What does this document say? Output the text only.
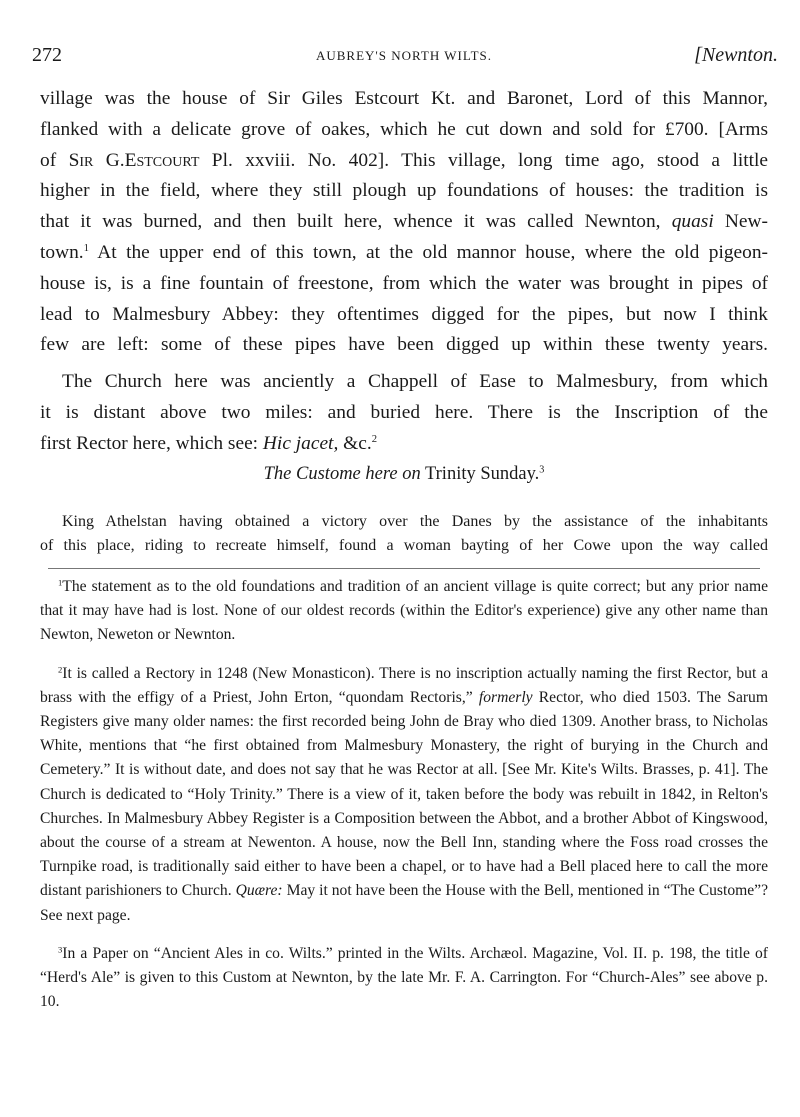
272	AUBREY'S NORTH WILTS.	[Newnton.

village was the house of Sir Giles Estcourt Kt. and Baronet, Lord of this Mannor,

flanked with a delicate grove of oakes, which he cut down and sold for £700. [Arms

of Sir G.Estcourt Pl. xxviii. No. 402]. This village, long time ago, stood a little

higher in the field, where they still plough up foundations of houses: the tradition is

that it was burned, and then built here, whence it was called Newnton, quasi New-

town.$^1$ At the upper end of this town, at the old mannor house, where the old pigeon-

house is, is a fine fountain of freestone, from which the water was brought in pipes of

lead to Malmesbury Abbey: they oftentimes digged for the pipes, but now I think

few are left: some of these pipes have been digged up within these twenty years.

The Church here was anciently a Chappell of Ease to Malmesbury, from which

it is distant above two miles: and buried here. There is the Inscription of the

first Rector here, which see: Hic jacet, &c.$^2$

The Custome here on Trinity Sunday.$^3$

King Athelstan having obtained a victory over the Danes by the assistance of the inhabitants

of this place, riding to recreate himself, found a woman bayting of her Cowe upon the way called

$^1$The statement as to the old foundations and tradition of an ancient village is quite correct; but any prior name that it may have had is lost. None of our oldest records (within the Editor's experience) give any other name than Newton, Neweton or Newnton.

$^2$It is called a Rectory in 1248 (New Monasticon). There is no inscription actually naming the first Rector, but a brass with the effigy of a Priest, John Erton, “quondam Rectoris,” formerly Rector, who died 1503. The Sarum Registers give many older names: the first recorded being John de Bray who died 1309. Another brass, to Nicholas White, mentions that “he first obtained from Malmesbury Monastery, the right of burying in the Church and Cemetery.” It is without date, and does not say that he was Rector at all. [See Mr. Kite's Wilts. Brasses, p. 41]. The Church is dedicated to “Holy Trinity.” There is a view of it, taken before the body was rebuilt in 1842, in Relton's Churches. In Malmesbury Abbey Register is a Composition between the Abbot, and a brother Abbot of Kingswood, about the course of a stream at Newenton. A house, now the Bell Inn, standing where the Foss road crosses the Turnpike road, is traditionally said either to have been a chapel, or to have had a Bell placed here to call the more distant parishioners to Church. Quære: May it not have been the House with the Bell, mentioned in “The Custome”? See next page.

$^3$In a Paper on “Ancient Ales in co. Wilts.” printed in the Wilts. Archæol. Magazine, Vol. II. p. 198, the title of “Herd's Ale” is given to this Custom at Newnton, by the late Mr. F. A. Carrington. For “Church-Ales” see above p. 10.
